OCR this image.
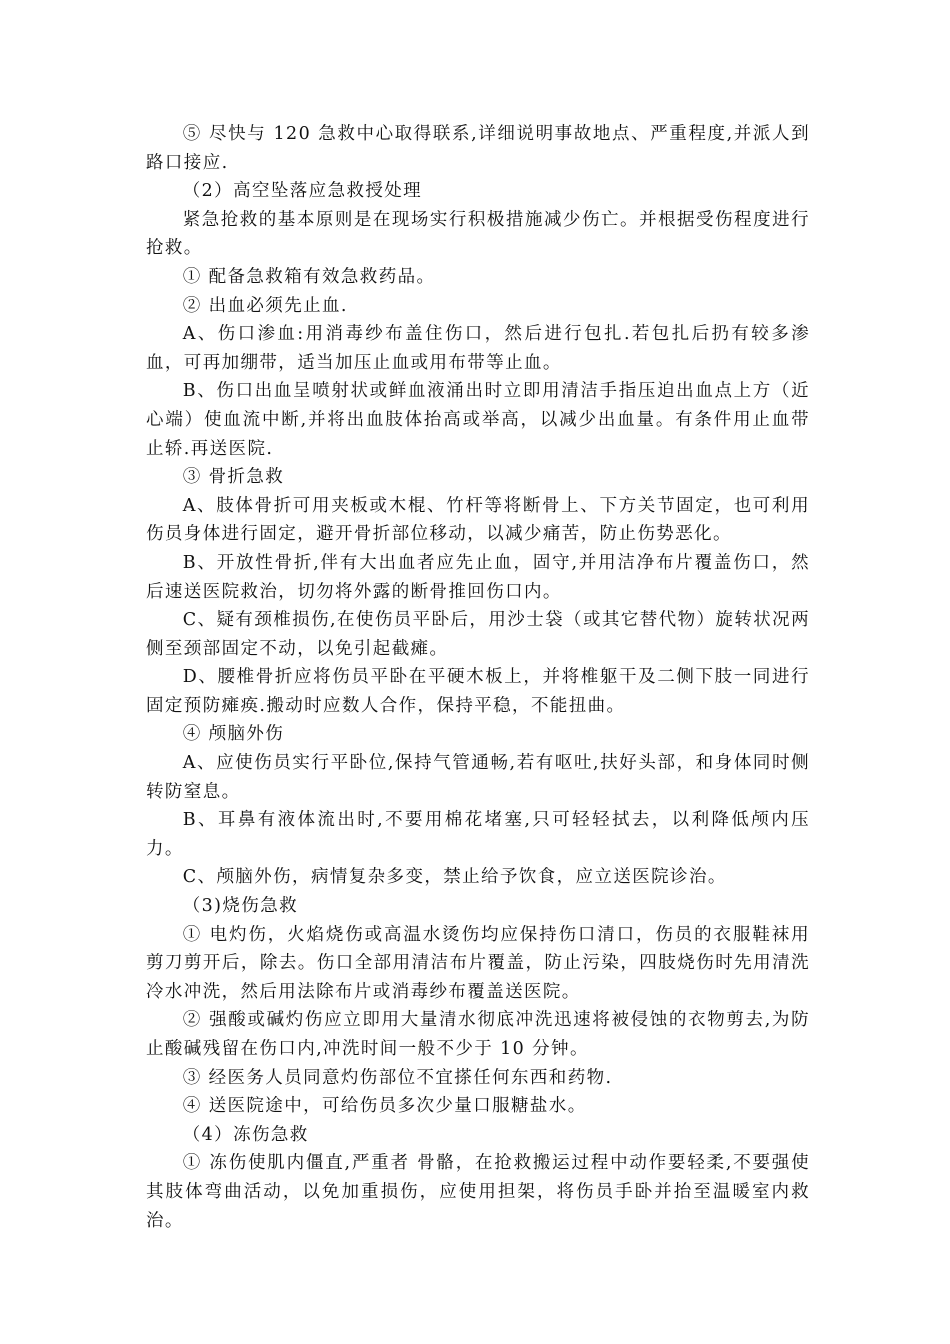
⑤ 尽快与 120 急救中心取得联系,详细说明事故地点、严重程度,并派人到路口接应.

（2）高空坠落应急救授处理

紧急抢救的基本原则是在现场实行积极措施减少伤亡。并根据受伤程度进行抢救。

① 配备急救箱有效急救药品。

② 出血必须先止血.

A、伤口渗血:用消毒纱布盖住伤口，然后进行包扎.若包扎后扔有较多渗血，可再加绷带，适当加压止血或用布带等止血。

B、伤口出血呈喷射状或鲜血液涌出时立即用清洁手指压迫出血点上方（近心端）使血流中断,并将出血肢体抬高或举高，以减少出血量。有条件用止血带止轿.再送医院.

③ 骨折急救

A、肢体骨折可用夹板或木棍、竹杆等将断骨上、下方关节固定，也可利用伤员身体进行固定，避开骨折部位移动，以减少痛苦，防止伤势恶化。

B、开放性骨折,伴有大出血者应先止血，固守,并用洁净布片覆盖伤口，然后速送医院救治，切勿将外露的断骨推回伤口内。

C、疑有颈椎损伤,在使伤员平卧后，用沙士袋（或其它替代物）旋转状况两侧至颈部固定不动，以免引起截瘫。

D、腰椎骨折应将伤员平卧在平硬木板上，并将椎躯干及二侧下肢一同进行固定预防瘫痪.搬动时应数人合作，保持平稳，不能扭曲。

④ 颅脑外伤

A、应使伤员实行平卧位,保持气管通畅,若有呕吐,扶好头部，和身体同时侧转防窒息。

B、耳鼻有液体流出时,不要用棉花堵塞,只可轻轻拭去，以利降低颅内压力。

C、颅脑外伤，病情复杂多变，禁止给予饮食，应立送医院诊治。

（3)烧伤急救

① 电灼伤，火焰烧伤或高温水烫伤均应保持伤口清口，伤员的衣服鞋袜用剪刀剪开后，除去。伤口全部用清洁布片覆盖，防止污染，四肢烧伤时先用清洗冷水冲洗，然后用法除布片或消毒纱布覆盖送医院。

② 强酸或碱灼伤应立即用大量清水彻底冲洗迅速将被侵蚀的衣物剪去,为防止酸碱残留在伤口内,冲洗时间一般不少于 10 分钟。

③ 经医务人员同意灼伤部位不宜搽任何东西和药物.

④ 送医院途中，可给伤员多次少量口服糖盐水。

（4）冻伤急救

① 冻伤使肌内僵直,严重者 骨骼，在抢救搬运过程中动作要轻柔,不要强使其肢体弯曲活动，以免加重损伤，应使用担架，将伤员手卧并抬至温暖室内救治。
